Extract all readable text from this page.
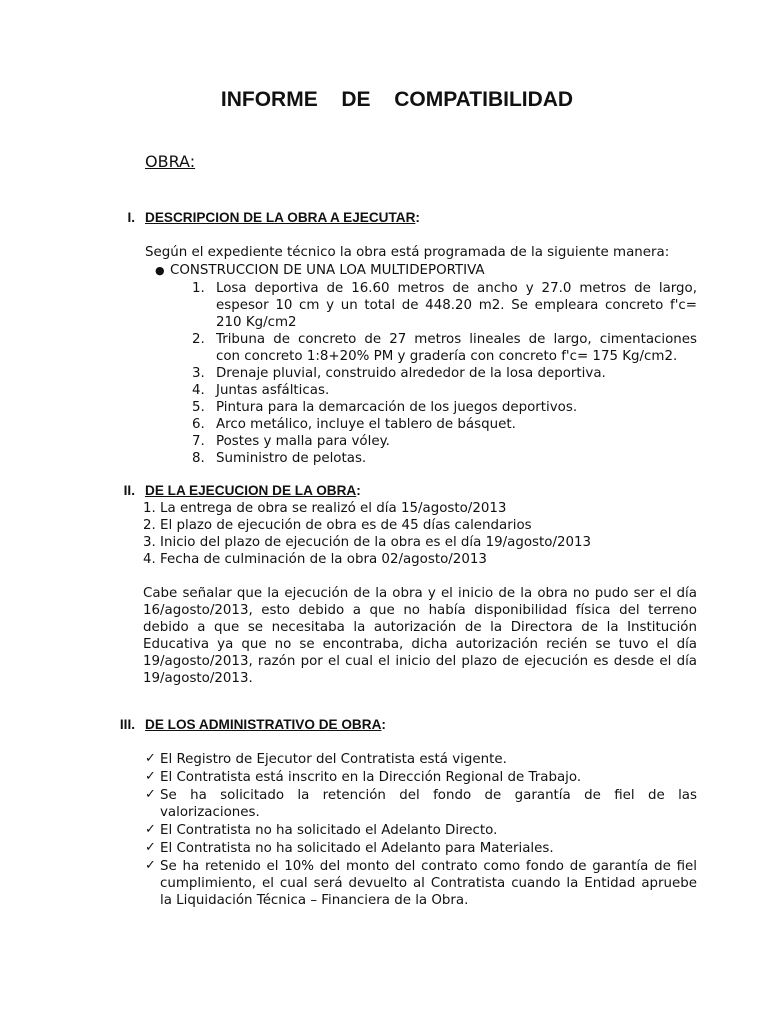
INFORME  DE  COMPATIBILIDAD
OBRA:
I. DESCRIPCION DE LA OBRA A EJECUTAR:
Según el expediente técnico la obra está programada de la siguiente manera:
● CONSTRUCCION DE UNA LOA MULTIDEPORTIVA
1. Losa deportiva de 16.60 metros de ancho y 27.0 metros de largo,
espesor 10 cm y un total de 448.20 m2. Se empleara concreto f'c=
210 Kg/cm2
2. Tribuna de concreto de 27 metros lineales de largo, cimentaciones
con concreto 1:8+20% PM y gradería con concreto f'c= 175 Kg/cm2.
3. Drenaje pluvial, construido alrededor de la losa deportiva.
4. Juntas asfálticas.
5. Pintura para la demarcación de los juegos deportivos.
6. Arco metálico, incluye el tablero de básquet.
7. Postes y malla para vóley.
8. Suministro de pelotas.
II. DE LA EJECUCION DE LA OBRA:
1. La entrega de obra se realizó el día 15/agosto/2013
2. El plazo de ejecución de obra es de 45 días calendarios
3. Inicio del plazo de ejecución de la obra es el día 19/agosto/2013
4. Fecha de culminación de la obra 02/agosto/2013
Cabe señalar que la ejecución de la obra y el inicio de la obra no pudo ser el día
16/agosto/2013, esto debido a que no había disponibilidad física del terreno
debido a que se necesitaba la autorización de la Directora de la Institución
Educativa ya que no se encontraba, dicha autorización recién se tuvo el día
19/agosto/2013, razón por el cual el inicio del plazo de ejecución es desde el día
19/agosto/2013.
III. DE LOS ADMINISTRATIVO DE OBRA:
✓ El Registro de Ejecutor del Contratista está vigente.
✓ El Contratista está inscrito en la Dirección Regional de Trabajo.
✓ Se ha solicitado la retención del fondo de garantía de fiel de las
valorizaciones.
✓ El Contratista no ha solicitado el Adelanto Directo.
✓ El Contratista no ha solicitado el Adelanto para Materiales.
✓ Se ha retenido el 10% del monto del contrato como fondo de garantía de fiel
cumplimiento, el cual será devuelto al Contratista cuando la Entidad apruebe
la Liquidación Técnica – Financiera de la Obra.
